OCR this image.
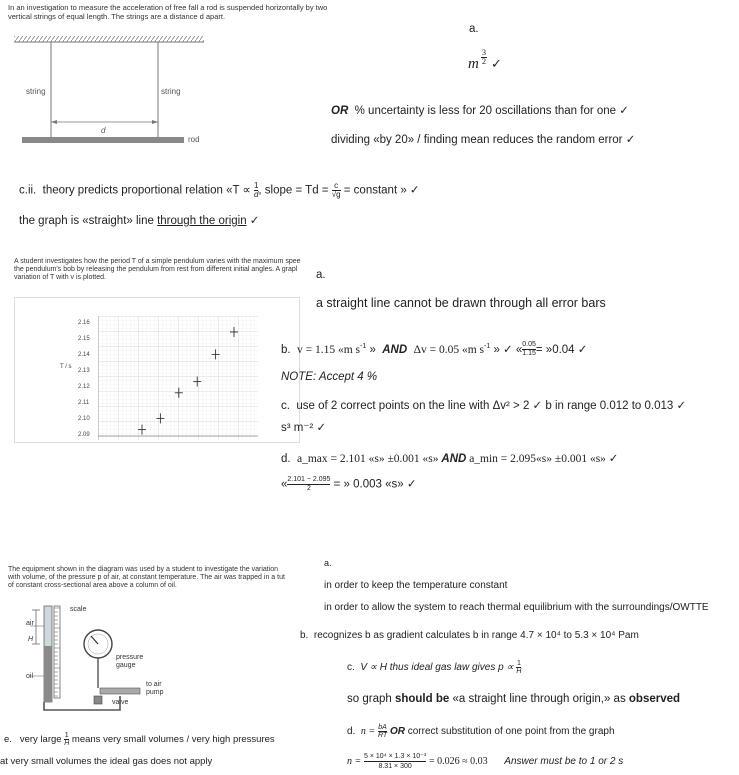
In an investigation to measure the acceleration of free fall a rod is suspended horizontally by two
vertical strings of equal length. The strings are a distance d apart.
string	string
d
rod
a.
m
3
2 ✓
OR % uncertainty is less for 20 oscillations than for one ✓
dividing «by 20» / finding mean reduces the random error ✓
c.ii. theory predicts proportional relation «$T \propto \frac{1}{d}$ , slope = $Td = \frac{c}{√g}$ = constant » ✓
the graph is «straight» line through the origin ✓
A student investigates how the period T of a simple pendulum varies with the maximum spee
the pendulum's bob by releasing the pendulum from rest from different initial angles. A grapl
variation of T with v is plotted.
2.16
2.15
2.14
2.13
2.12
2.11
2.10
2.09
T / s
a.
a straight line cannot be drawn through all error bars
b. v = 1.15 «m $s^{-1}$ » AND Δv = 0.05 «m $s^{-1}$ » ✓ « $\frac{0.05}{1.15}$ = »0.04 ✓
NOTE: Accept 4 %
c. use of 2 correct points on the line with Δv² > 2 ✓ b in range 0.012 to 0.013 ✓
s³ m⁻² ✓
d. a_max = 2.101 «s» ±0.001 «s» AND a_min = 2.095«s» ±0.001 «s» ✓
« $\frac{2.101 - 2.095}{2}$ = » 0.003 «s» ✓
The equipment shown in the diagram was used by a student to investigate the variation
with volume, of the pressure p of air, at constant temperature. The air was trapped in a tut
of constant cross-sectional area above a column of oil.
scale
air
H
pressure
gauge
oil
to air
pump
valve
a.
in order to keep the temperature constant
in order to allow the system to reach thermal equilibrium with the surroundings/OWTTE
b. recognizes b as gradient calculates b in range 4.7 × 10⁴ to 5.3 × 10⁴ Pam
c. V ∝ H thus ideal gas law gives $p \propto \frac{1}{H}$
so graph should be «a straight line through origin,» as observed
d. $n = \frac{bA}{RT}$ OR correct substitution of one point from the graph
$n = \frac{\text{5 × 10⁴ × 1.3 × 10⁻³}}{8.31 \times 300} = 0.026 \approx 0.03$ Answer must be to 1 or 2 s
e. very large $\frac{1}{H}$ means very small volumes / very high pressures
at very small volumes the ideal gas does not apply
